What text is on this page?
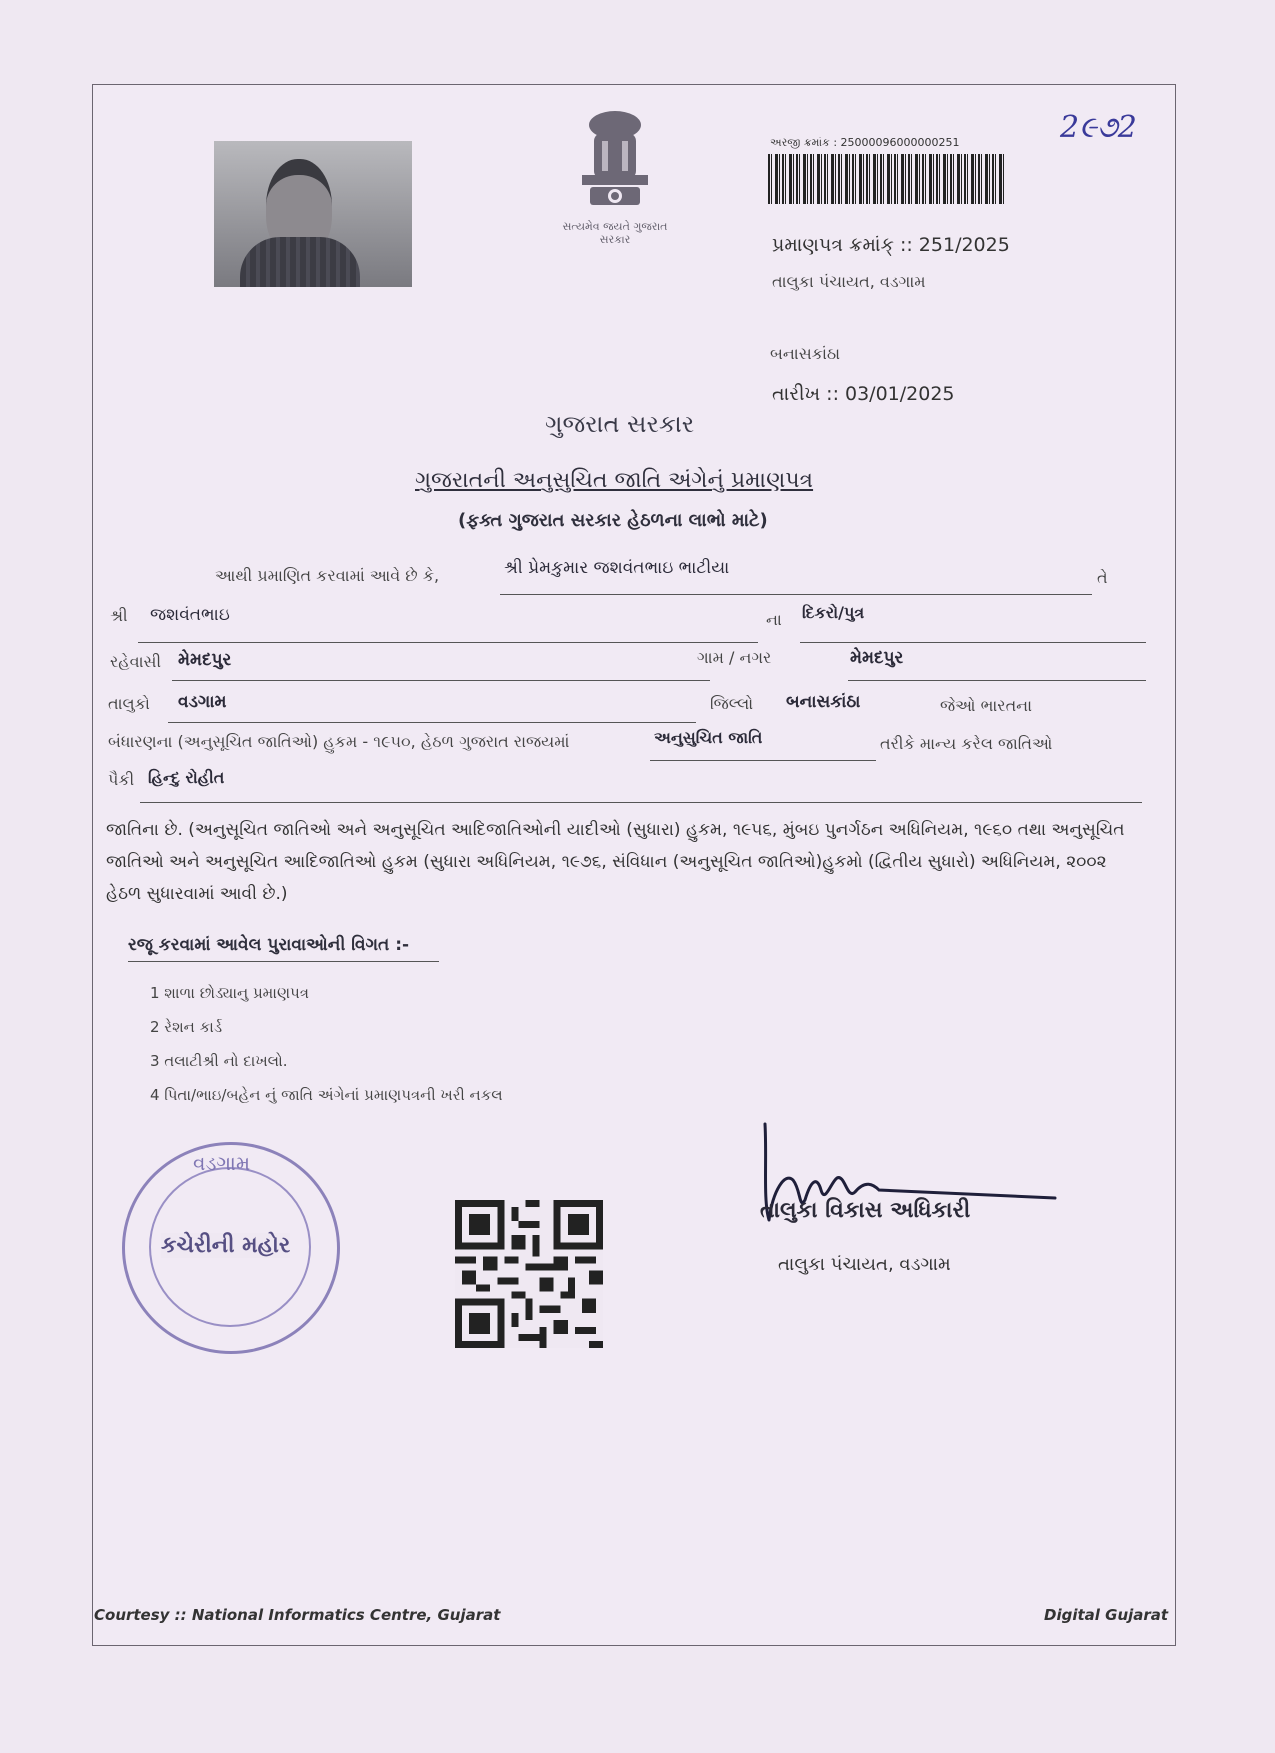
સત્યમેવ જયતે ગુજરાત સરકાર
2૯૭2
અરજી ક્રમાંક : 25000096000000251
પ્રમાણપત્ર ક્રમાંક્ :: 251/2025
તાલુકા પંચાયત, વડગામ
બનાસકાંઠા
તારીખ :: 03/01/2025
ગુજરાત સરકાર
ગુજરાતની અનુસુચિત જાતિ અંગેનું પ્રમાણપત્ર
(ફક્ત ગુજરાત સરકાર હેઠળના લાભો માટે)
આથી પ્રમાણિત કરવામાં આવે છે કે,	શ્રી પ્રેમકુમાર જશવંતભાઇ ભાટીયા	તે
શ્રી જશવંતભાઇ	ના દિકરો/પુત્ર
રહેવાસી મેમદપુર	ગામ / નગર	મેમદપુર
તાલુકો વડગામ	જિલ્લો બનાસકાંઠા	જેઓ ભારતના
બંધારણના (અનુસૂચિત જાતિઓ) હુકમ - ૧૯૫૦, હેઠળ ગુજરાત રાજયમાં	અનુસુચિત જાતિ	તરીકે માન્ય કરેલ જાતિઓ
પૈકી હિન્દુ રોહીત
જાતિના છે. (અનુસૂચિત જાતિઓ અને અનુસૂચિત આદિજાતિઓની યાદીઓ (સુધારા) હુકમ, ૧૯૫૬, મુંબઇ પુનર્ગઠન અધિનિયમ, ૧૯૬૦ તથા અનુસૂચિત જાતિઓ અને અનુસૂચિત આદિજાતિઓ હુકમ (સુધારા અધિનિયમ, ૧૯૭૬, સંવિધાન (અનુસૂચિત જાતિઓ)હુકમો (દ્વિતીય સુધારો) અધિનિયમ, ૨૦૦૨ હેઠળ સુધારવામાં આવી છે.)
રજૂ કરવામાં આવેલ પુરાવાઓની વિગત :-
1 શાળા છોડ્યાનુ પ્રમાણપત્ર
2 રેશન કાર્ડ
3 તલાટીશ્રી નો દાખલો.
4 પિતા/ભાઇ/બહેન નું જાતિ અંગેનાં પ્રમાણપત્રની ખરી નકલ
વડગામ
કચેરીની મહોર
તાલુકા વિકાસ અધિકારી
તાલુકા પંચાયત, વડગામ
Courtesy :: National Informatics Centre, Gujarat	Digital Gujarat
